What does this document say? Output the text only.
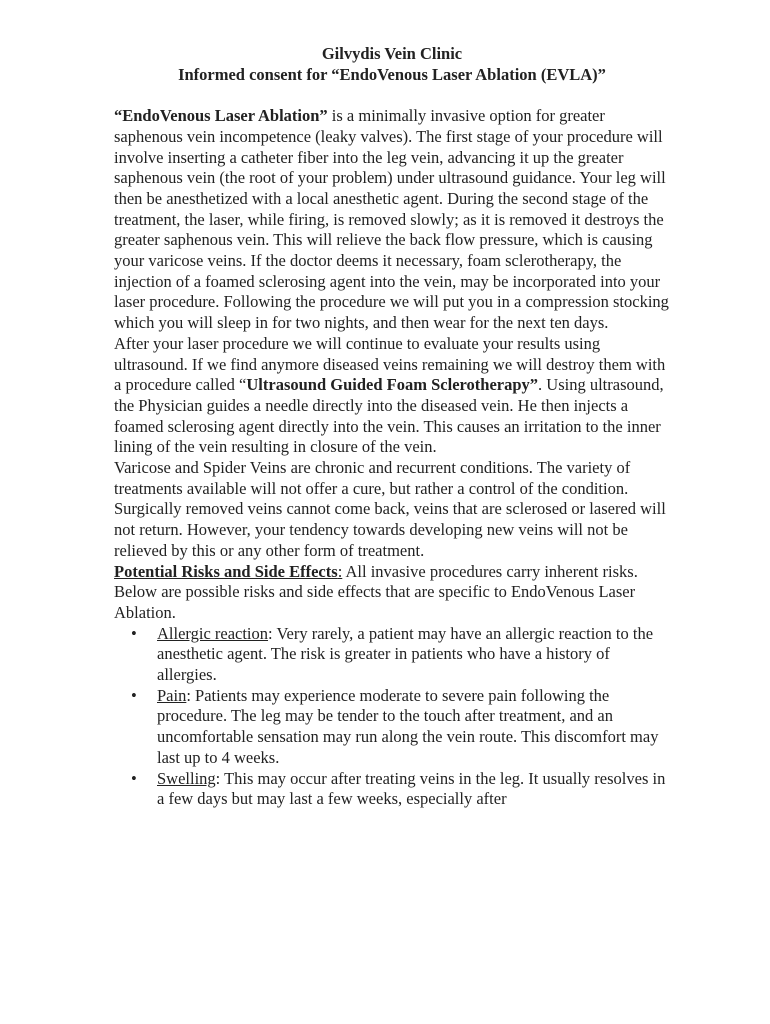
Gilvydis Vein Clinic
Informed consent for “EndoVenous Laser Ablation (EVLA)”

“EndoVenous Laser Ablation” is a minimally invasive option for greater saphenous vein incompetence (leaky valves). The first stage of your procedure will involve inserting a catheter fiber into the leg vein, advancing it up the greater saphenous vein (the root of your problem) under ultrasound guidance. Your leg will then be anesthetized with a local anesthetic agent. During the second stage of the treatment, the laser, while firing, is removed slowly; as it is removed it destroys the greater saphenous vein. This will relieve the back flow pressure, which is causing your varicose veins. If the doctor deems it necessary, foam sclerotherapy, the injection of a foamed sclerosing agent into the vein, may be incorporated into your laser procedure. Following the procedure we will put you in a compression stocking which you will sleep in for two nights, and then wear for the next ten days.

After your laser procedure we will continue to evaluate your results using ultrasound. If we find anymore diseased veins remaining we will destroy them with a procedure called “Ultrasound Guided Foam Sclerotherapy”. Using ultrasound, the Physician guides a needle directly into the diseased vein. He then injects a foamed sclerosing agent directly into the vein. This causes an irritation to the inner lining of the vein resulting in closure of the vein.

Varicose and Spider Veins are chronic and recurrent conditions. The variety of treatments available will not offer a cure, but rather a control of the condition. Surgically removed veins cannot come back, veins that are sclerosed or lasered will not return. However, your tendency towards developing new veins will not be relieved by this or any other form of treatment.

Potential Risks and Side Effects: All invasive procedures carry inherent risks. Below are possible risks and side effects that are specific to EndoVenous Laser Ablation.

• Allergic reaction: Very rarely, a patient may have an allergic reaction to the anesthetic agent. The risk is greater in patients who have a history of allergies.
• Pain: Patients may experience moderate to severe pain following the procedure. The leg may be tender to the touch after treatment, and an uncomfortable sensation may run along the vein route. This discomfort may last up to 4 weeks.
• Swelling: This may occur after treating veins in the leg. It usually resolves in a few days but may last a few weeks, especially after
